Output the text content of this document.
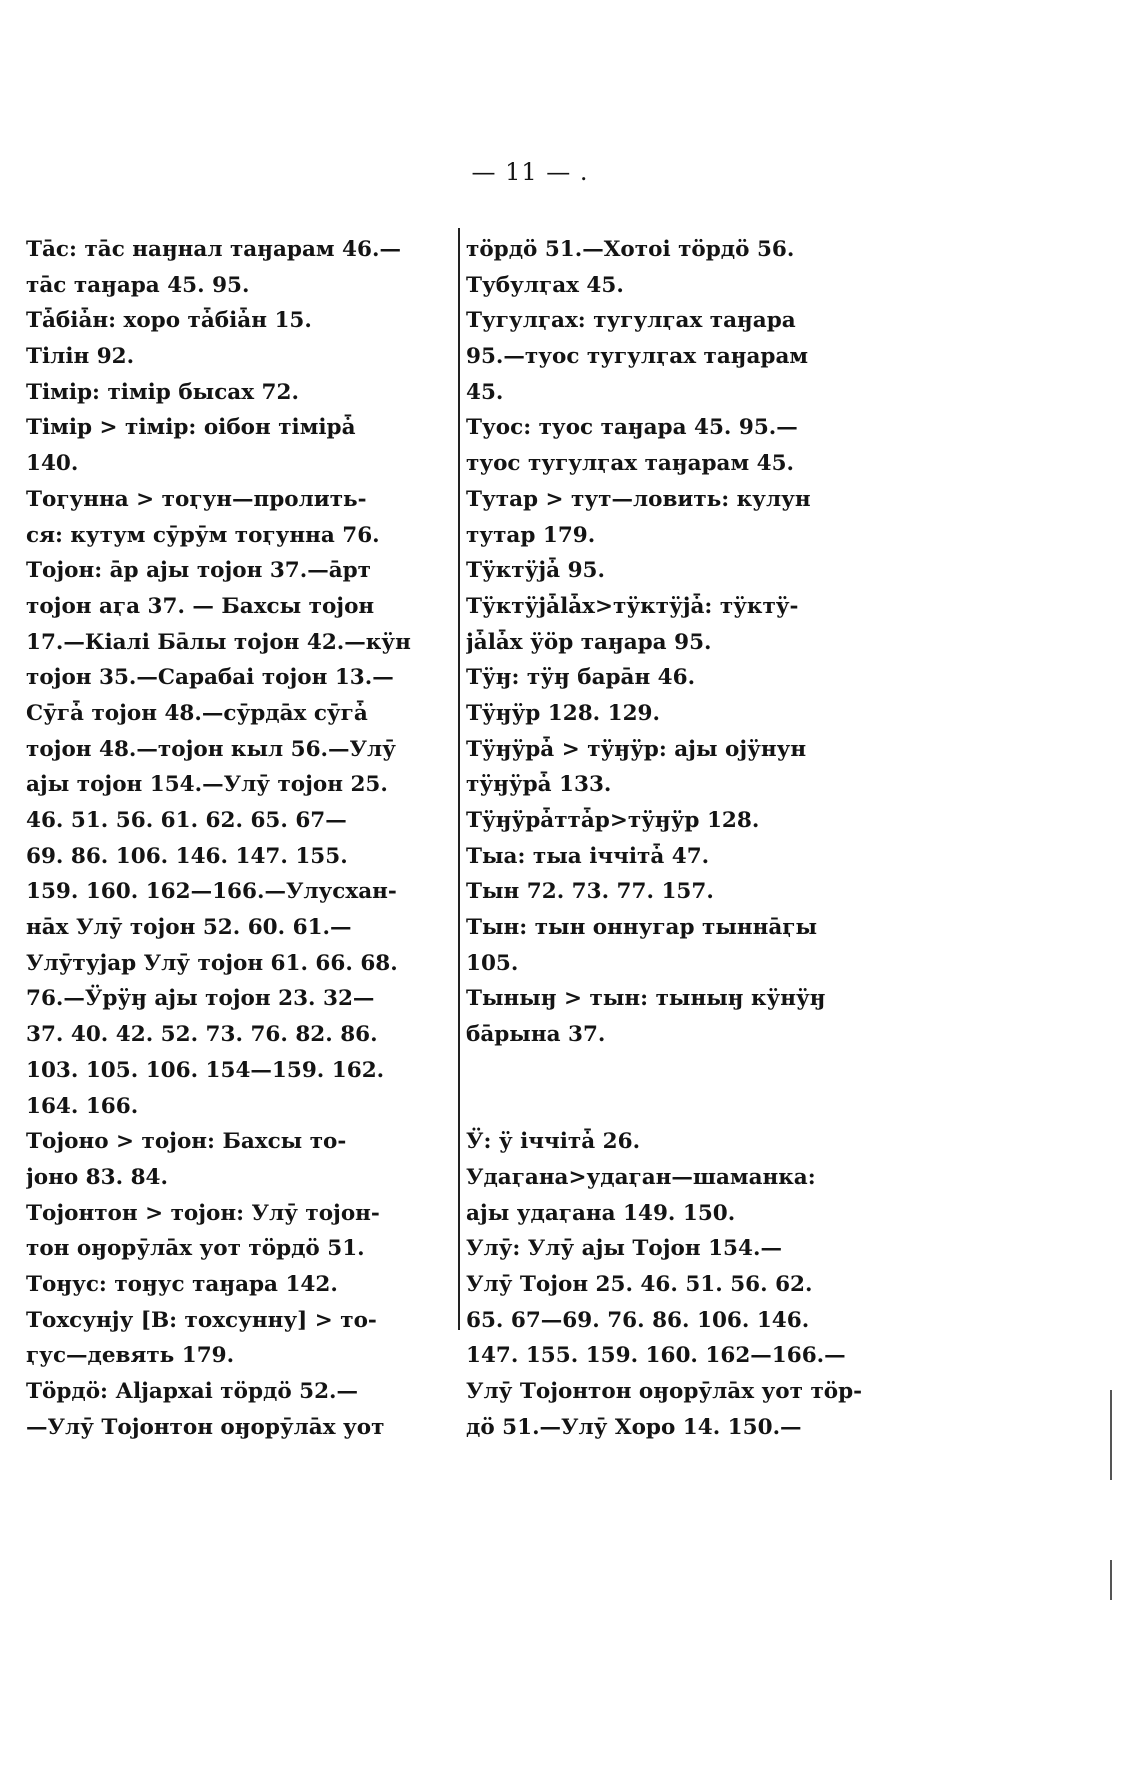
— 11 — .
Тāс: тāс наӈнал таӈарам 46.—
тāс таӈара 45. 95.
Тǡбіǡн: хоро тǡбіǡн 15.
Тілін 92.
Тімір: тімір бысах 72.
Тімір > тімір: оібон тімірǡ
140.
Тоӷунна > тоӷун—пролить-
ся: кутум сӯрӯм тоӷунна 76.
Тојон: āр ајы тојон 37.—āрт
тојон аӷа 37. — Бахсы тојон
17.—Кіалі Бāлы тојон 42.—кӱн
тојон 35.—Сарабаі тојон 13.—
Сӯгǡ тојон 48.—сӯрдāх сӯгǡ
тојон 48.—тојон кыл 56.—Улӯ
ајы тојон 154.—Улӯ тојон 25.
46. 51. 56. 61. 62. 65. 67—
69. 86. 106. 146. 147. 155.
159. 160. 162—166.—Улусхан-
нāх Улӯ тојон 52. 60. 61.—
Улӯтујар Улӯ тојон 61. 66. 68.
76.—Ӱрӱӈ ајы тојон 23. 32—
37. 40. 42. 52. 73. 76. 82. 86.
103. 105. 106. 154—159. 162.
164. 166.
Тојоно > тојон: Бахсы то-
јоно 83. 84.
Тојонтон > тојон: Улӯ тојон-
тон оӈорӯлāх уот тӧрдӧ 51.
Тоӈус: тоӈус таӈара 142.
Тохсунју [В: тохсунну] > то-
ӷус—девять 179.
Тӧрдӧ: Аlјархаі тӧрдӧ 52.—
—Улӯ Тојонтон оӈорӯлāх уот
тӧрдӧ 51.—Хотоі тӧрдӧ 56.
Тубулӷах 45.
Тугулӷах: тугулӷах таӈара
95.—туос тугулӷах таӈарам
45.
Туос: туос таӈара 45. 95.—
туос тугулӷах таӈарам 45.
Тутар > тут—ловить: кулун
тутар 179.
Тӱктӱјǡ 95.
Тӱктӱјǡlǡх>тӱктӱјǡ: тӱктӱ-
јǡlǡх ӱӧр таӈара 95.
Тӱӈ: тӱӈ барāн 46.
Тӱӈӱр 128. 129.
Тӱӈӱрǡ > тӱӈӱр: ајы ојӱнун
тӱӈӱрǡ 133.
Тӱӈӱрǡттǡр>тӱӈӱр 128.
Тыа: тыа іччітǡ 47.
Тын 72. 73. 77. 157.
Тын: тын оннугар тыннāӷы
105.
Тыныӈ > тын: тыныӈ кӱнӱӈ
бāрына 37.
Ӱ: ӱ іччітǡ 26.
Удаӷана>удаӷан—шаманка:
ајы удаӷана 149. 150.
Улӯ: Улӯ ајы Тојон 154.—
Улӯ Тојон 25. 46. 51. 56. 62.
65. 67—69. 76. 86. 106. 146.
147. 155. 159. 160. 162—166.—
Улӯ Тојонтон оӈорӯлāх уот тӧр-
дӧ 51.—Улӯ Хоро 14. 150.—
